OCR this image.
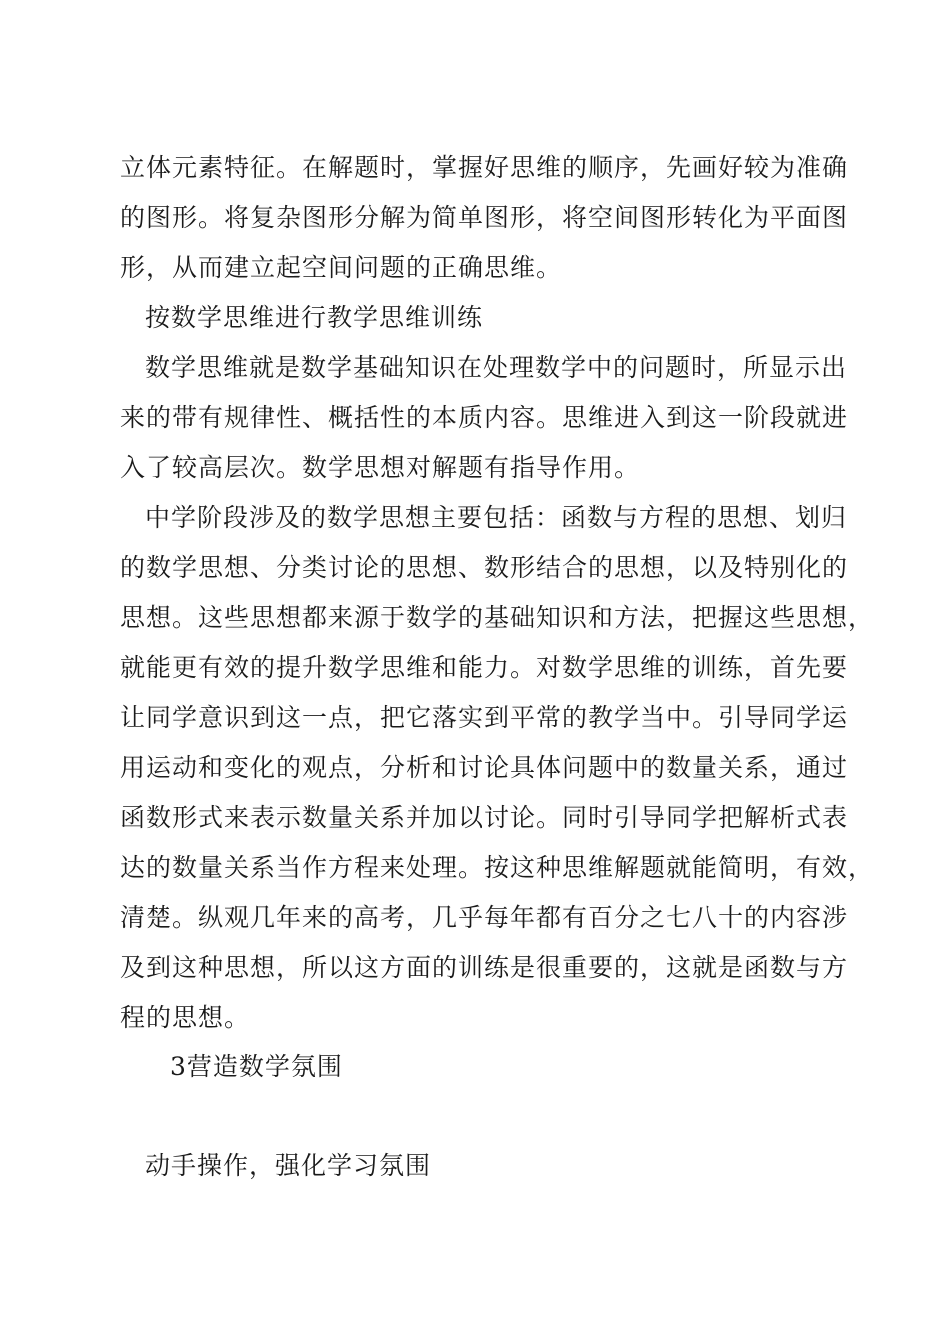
立体元素特征。在解题时，掌握好思维的顺序，先画好较为准确
的图形。将复杂图形分解为简单图形，将空间图形转化为平面图
形，从而建立起空间问题的正确思维。
按数学思维进行教学思维训练
数学思维就是数学基础知识在处理数学中的问题时，所显示出
来的带有规律性、概括性的本质内容。思维进入到这一阶段就进
入了较高层次。数学思想对解题有指导作用。
中学阶段涉及的数学思想主要包括：函数与方程的思想、划归
的数学思想、分类讨论的思想、数形结合的思想，以及特别化的
思想。这些思想都来源于数学的基础知识和方法，把握这些思想，
就能更有效的提升数学思维和能力。对数学思维的训练，首先要
让同学意识到这一点，把它落实到平常的教学当中。引导同学运
用运动和变化的观点，分析和讨论具体问题中的数量关系，通过
函数形式来表示数量关系并加以讨论。同时引导同学把解析式表
达的数量关系当作方程来处理。按这种思维解题就能简明，有效，
清楚。纵观几年来的高考，几乎每年都有百分之七八十的内容涉
及到这种思想，所以这方面的训练是很重要的，这就是函数与方
程的思想。
3营造数学氛围
动手操作，强化学习氛围
